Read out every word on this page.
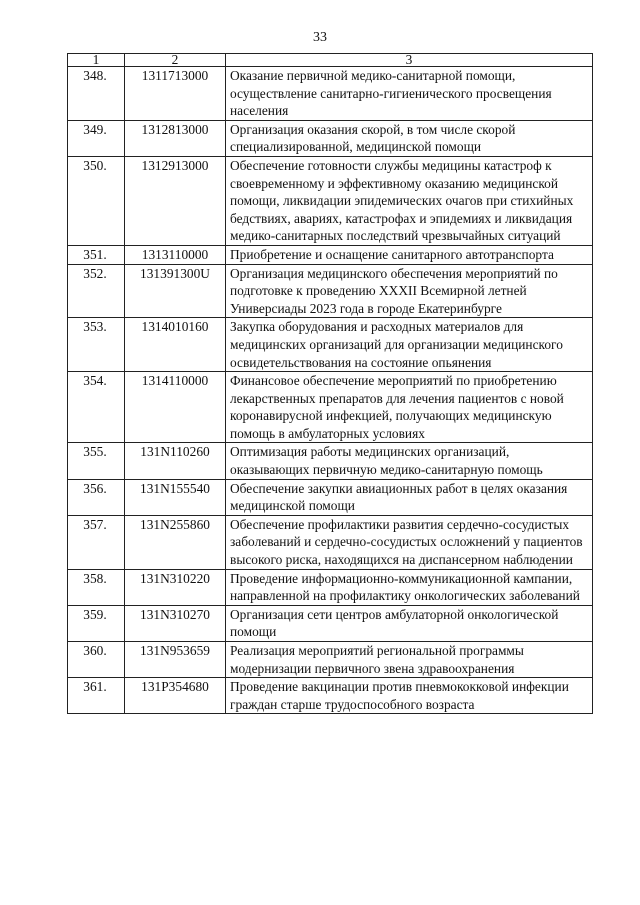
33
1	2	3
348.	1311713000	Оказание первичной медико-санитарной помощи, осуществление санитарно-гигиенического просвещения населения
349.	1312813000	Организация оказания скорой, в том числе скорой специализированной, медицинской помощи
350.	1312913000	Обеспечение готовности службы медицины катастроф к своевременному и эффективному оказанию медицинской помощи, ликвидации эпидемических очагов при стихийных бедствиях, авариях, катастрофах и эпидемиях и ликвидация медико-санитарных последствий чрезвычайных ситуаций
351.	1313110000	Приобретение и оснащение санитарного автотранспорта
352.	131391300U	Организация медицинского обеспечения мероприятий по подготовке к проведению XXXII Всемирной летней Универсиады 2023 года в городе Екатеринбурге
353.	1314010160	Закупка оборудования и расходных материалов для медицинских организаций для организации медицинского освидетельствования на состояние опьянения
354.	1314110000	Финансовое обеспечение мероприятий по приобретению лекарственных препаратов для лечения пациентов с новой коронавирусной инфекцией, получающих медицинскую помощь в амбулаторных условиях
355.	131N110260	Оптимизация работы медицинских организаций, оказывающих первичную медико-санитарную помощь
356.	131N155540	Обеспечение закупки авиационных работ в целях оказания медицинской помощи
357.	131N255860	Обеспечение профилактики развития сердечно-сосудистых заболеваний и сердечно-сосудистых осложнений у пациентов высокого риска, находящихся на диспансерном наблюдении
358.	131N310220	Проведение информационно-коммуникационной кампании, направленной на профилактику онкологических заболеваний
359.	131N310270	Организация сети центров амбулаторной онкологической помощи
360.	131N953659	Реализация мероприятий региональной программы модернизации первичного звена здравоохранения
361.	131P354680	Проведение вакцинации против пневмококковой инфекции граждан старше трудоспособного возраста
